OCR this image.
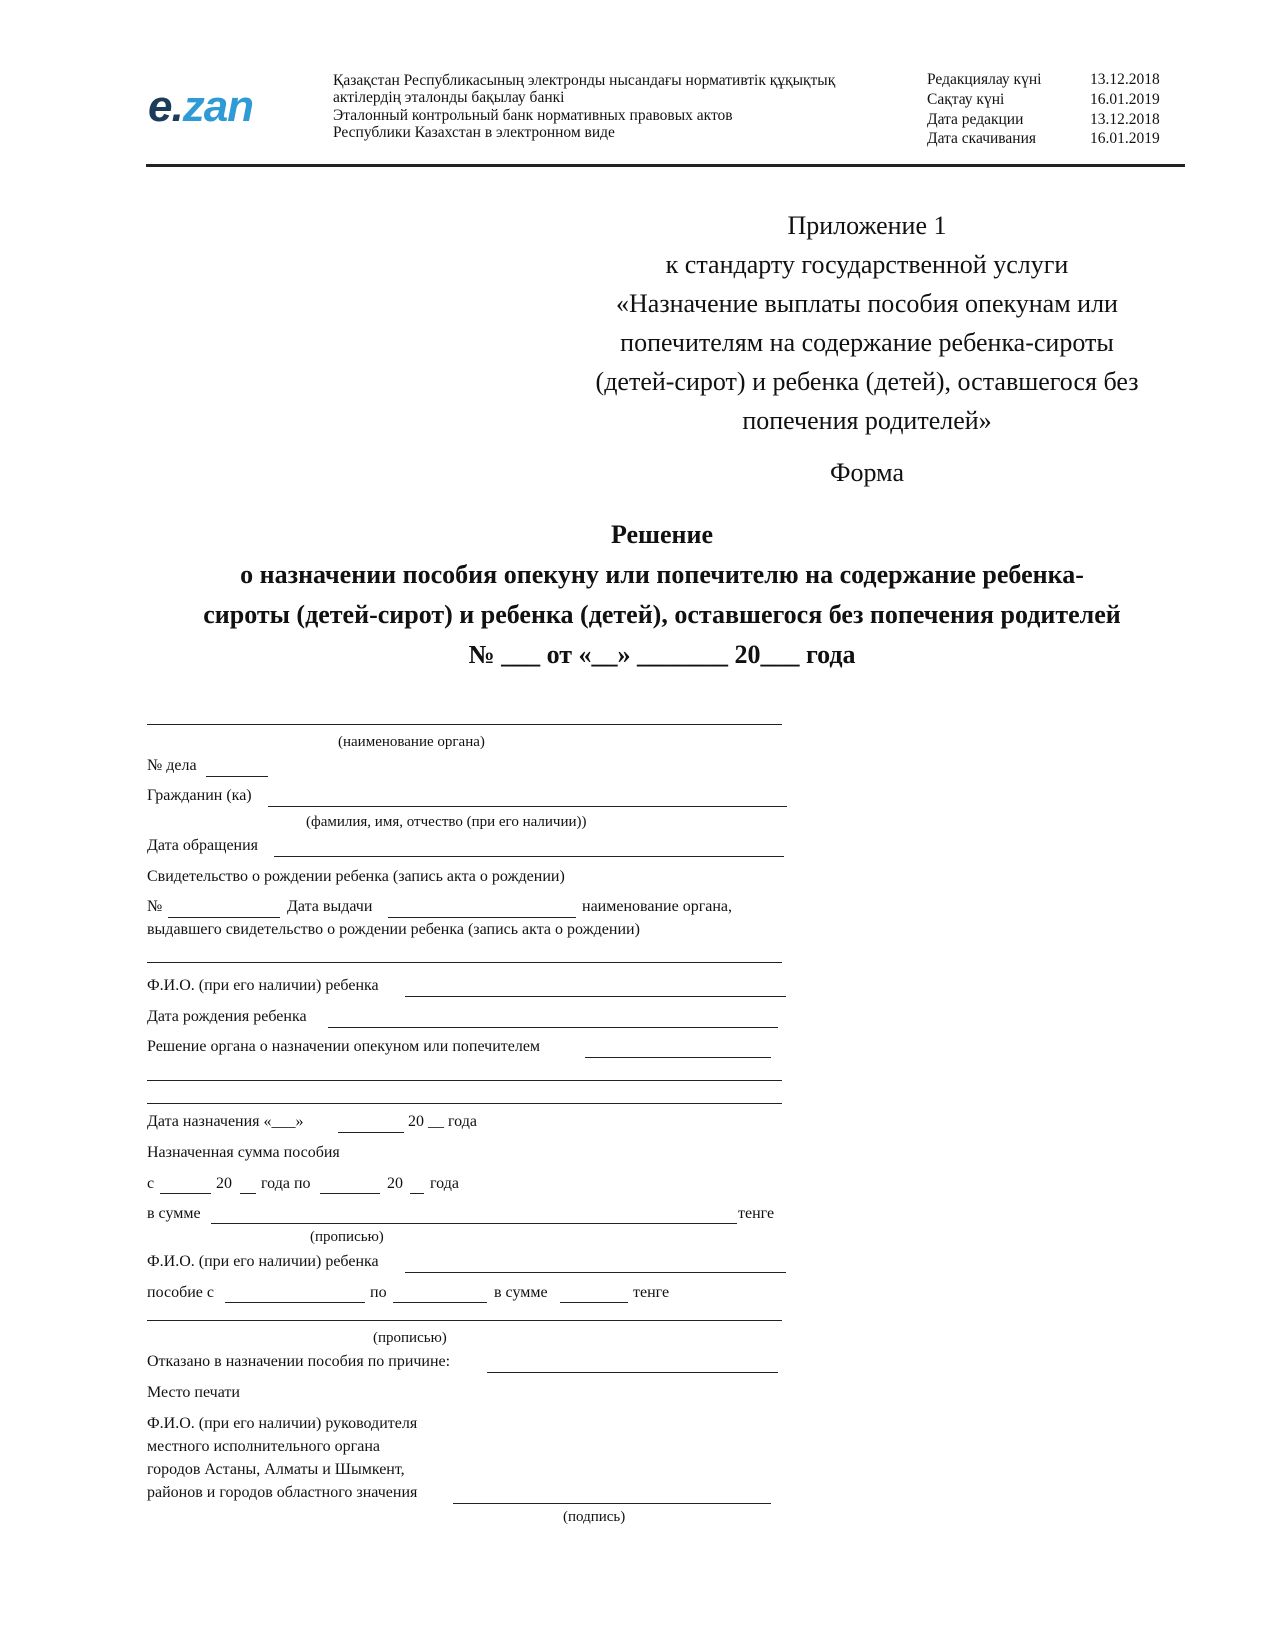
e.zan
Қазақстан Республикасының электронды нысандағы нормативтік құқықтық
актілердің эталонды бақылау банкі
Эталонный контрольный банк нормативных правовых актов
Республики Казахстан в электронном виде
Редакциялау күні	13.12.2018
Сақтау күні	16.01.2019
Дата редакции	13.12.2018
Дата скачивания	16.01.2019
Приложение 1
к стандарту государственной услуги
«Назначение выплаты пособия опекунам или
попечителям на содержание ребенка-сироты
(детей-сирот) и ребенка (детей), оставшегося без
попечения родителей»
Форма
Решение
о назначении пособия опекуну или попечителю на содержание ребенка-
сироты (детей-сирот) и ребенка (детей), оставшегося без попечения родителей
№ ___ от «__» _______ 20___ года
(наименование органа)
№ дела
Гражданин (ка)
(фамилия, имя, отчество (при его наличии))
Дата обращения
Свидетельство о рождении ребенка (запись акта о рождении)
№	Дата выдачи	наименование органа,
выдавшего свидетельство о рождении ребенка (запись акта о рождении)
Ф.И.О. (при его наличии) ребенка
Дата рождения ребенка
Решение органа о назначении опекуном или попечителем
Дата назначения «___»	20 __ года
Назначенная сумма пособия
с	20 года по	20 года
в сумме	тенге
(прописью)
Ф.И.О. (при его наличии) ребенка
пособие с	по	в сумме	тенге
(прописью)
Отказано в назначении пособия по причине:
Место печати
Ф.И.О. (при его наличии) руководителя
местного исполнительного органа
городов Астаны, Алматы и Шымкент,
районов и городов областного значения
(подпись)
